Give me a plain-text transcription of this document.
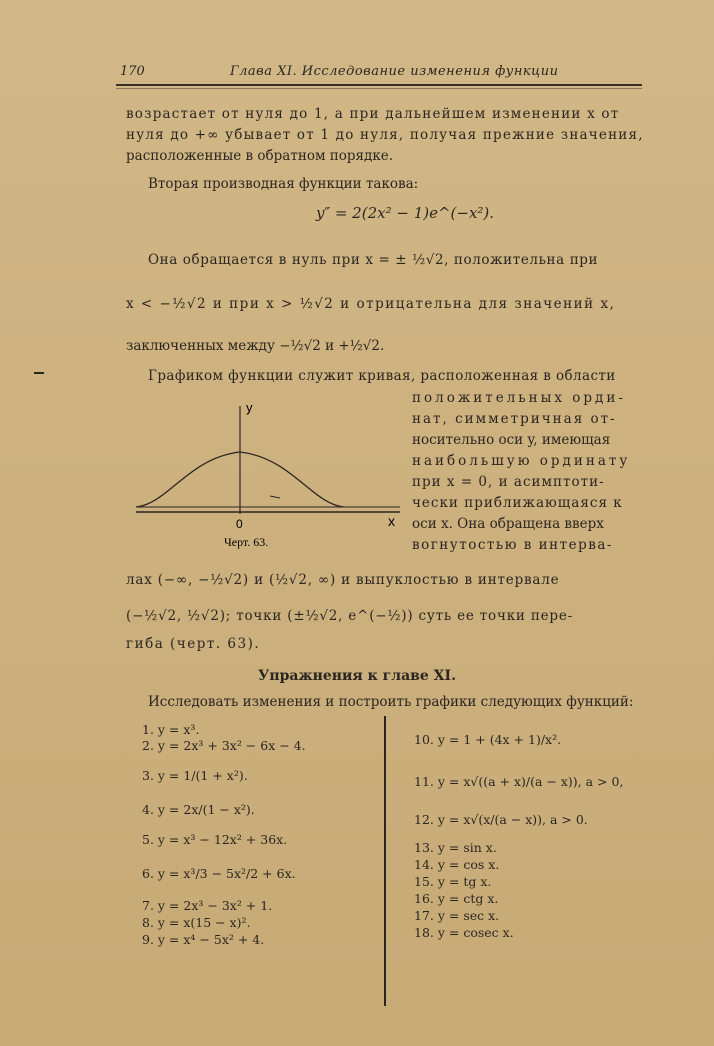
170	Глава XI. Исследование изменения функции
возрастает от нуля до 1, а при дальнейшем изменении x от
нуля до +∞ убывает от 1 до нуля, получая прежние значения,
расположенные в обратном порядке.
Вторая производная функции такова:
y″ = 2(2x² − 1)e^(−x²).
Она обращается в нуль при x = ± ½√2, положительна при
x < −½√2 и при x > ½√2 и отрицательна для значений x,
заключенных между −½√2 и +½√2.
Графиком функции служит кривая, расположенная в области
положительных орди-
нат, симметричная от-
носительно оси y, имеющая
наибольшую ординату
при x = 0, и асимптоти-
чески приближающаяся к
оси x. Она обращена вверх
вогнутостью в интерва-
y
x
0
Черт. 63.
лах (−∞, −½√2) и (½√2, ∞) и выпуклостью в интервале
(−½√2, ½√2); точки (±½√2, e^(−½)) суть ее точки пере-
гиба (черт. 63).
Упражнения к главе XI.
Исследовать изменения и построить графики следующих функций:
1. y = x³.
2. y = 2x³ + 3x² − 6x − 4.
3. y = 1/(1 + x²).
4. y = 2x/(1 − x²).
5. y = x³ − 12x² + 36x.
6. y = x³/3 − 5x²/2 + 6x.
7. y = 2x³ − 3x² + 1.
8. y = x(15 − x)².
9. y = x⁴ − 5x² + 4.
10. y = 1 + (4x + 1)/x².
11. y = x√((a + x)/(a − x)), a > 0,
12. y = x√(x/(a − x)), a > 0.
13. y = sin x.
14. y = cos x.
15. y = tg x.
16. y = ctg x.
17. y = sec x.
18. y = cosec x.
